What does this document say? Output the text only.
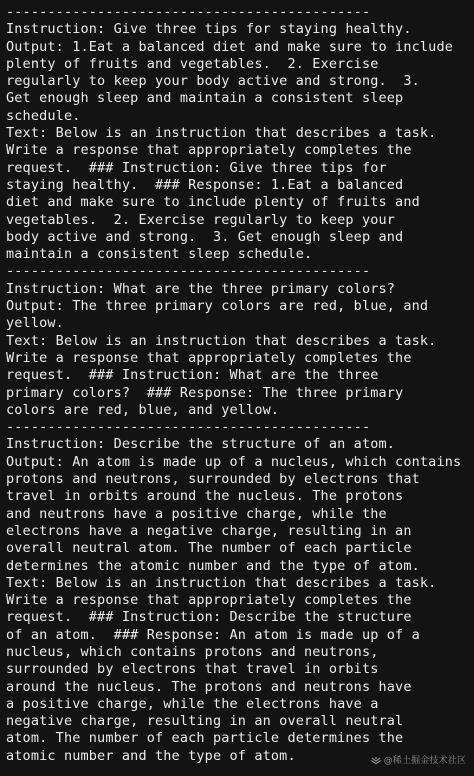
--------------------------------------------
Instruction: Give three tips for staying healthy.
Output: 1.Eat a balanced diet and make sure to include
plenty of fruits and vegetables.  2. Exercise
regularly to keep your body active and strong.  3.
Get enough sleep and maintain a consistent sleep
schedule.
Text: Below is an instruction that describes a task.
Write a response that appropriately completes the
request.  ### Instruction: Give three tips for
staying healthy.  ### Response: 1.Eat a balanced
diet and make sure to include plenty of fruits and
vegetables.  2. Exercise regularly to keep your
body active and strong.  3. Get enough sleep and
maintain a consistent sleep schedule.
--------------------------------------------
Instruction: What are the three primary colors?
Output: The three primary colors are red, blue, and
yellow.
Text: Below is an instruction that describes a task.
Write a response that appropriately completes the
request.  ### Instruction: What are the three
primary colors?  ### Response: The three primary
colors are red, blue, and yellow.
--------------------------------------------
Instruction: Describe the structure of an atom.
Output: An atom is made up of a nucleus, which contains
protons and neutrons, surrounded by electrons that
travel in orbits around the nucleus. The protons
and neutrons have a positive charge, while the
electrons have a negative charge, resulting in an
overall neutral atom. The number of each particle
determines the atomic number and the type of atom.
Text: Below is an instruction that describes a task.
Write a response that appropriately completes the
request.  ### Instruction: Describe the structure
of an atom.  ### Response: An atom is made up of a
nucleus, which contains protons and neutrons,
surrounded by electrons that travel in orbits
around the nucleus. The protons and neutrons have
a positive charge, while the electrons have a
negative charge, resulting in an overall neutral
atom. The number of each particle determines the
atomic number and the type of atom.	@稀土掘金技术社区
